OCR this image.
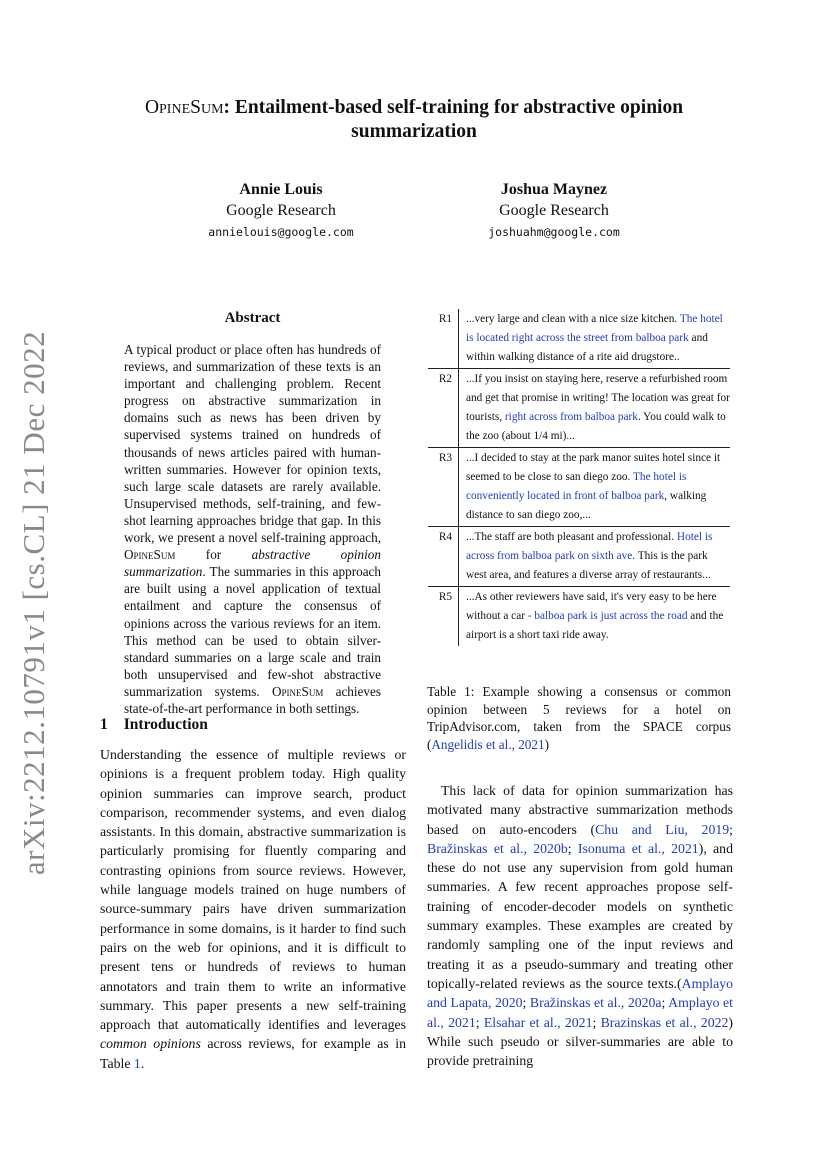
OpineSum: Entailment-based self-training for abstractive opinion
summarization
Annie Louis
Google Research
annielouis@google.com
Joshua Maynez
Google Research
joshuahm@google.com
arXiv:2212.10791v1 [cs.CL] 21 Dec 2022
Abstract
A typical product or place often has hundreds of reviews, and summarization of these texts is an important and challenging problem. Recent progress on abstractive summarization in domains such as news has been driven by supervised systems trained on hundreds of thousands of news articles paired with human-written summaries. However for opinion texts, such large scale datasets are rarely available. Unsupervised methods, self-training, and few-shot learning approaches bridge that gap. In this work, we present a novel self-training approach, OpineSum for abstractive opinion summarization. The summaries in this approach are built using a novel application of textual entailment and capture the consensus of opinions across the various reviews for an item. This method can be used to obtain silver-standard summaries on a large scale and train both unsupervised and few-shot abstractive summarization systems. OpineSum achieves state-of-the-art performance in both settings.
1 Introduction
Understanding the essence of multiple reviews or opinions is a frequent problem today. High quality opinion summaries can improve search, product comparison, recommender systems, and even dialog assistants. In this domain, abstractive summarization is particularly promising for fluently comparing and contrasting opinions from source reviews. However, while language models trained on huge numbers of source-summary pairs have driven summarization performance in some domains, is it harder to find such pairs on the web for opinions, and it is difficult to present tens or hundreds of reviews to human annotators and train them to write an informative summary. This paper presents a new self-training approach that automatically identifies and leverages common opinions across reviews, for example as in Table 1.
R1	...very large and clean with a nice size kitchen. The hotel is located right across the street from balboa park and within walking distance of a rite aid drugstore..
R2	...If you insist on staying here, reserve a refurbished room and get that promise in writing! The location was great for tourists, right across from balboa park. You could walk to the zoo (about 1/4 mi)...
R3	...I decided to stay at the park manor suites hotel since it seemed to be close to san diego zoo. The hotel is conveniently located in front of balboa park, walking distance to san diego zoo,...
R4	...The staff are both pleasant and professional. Hotel is across from balboa park on sixth ave. This is the park west area, and features a diverse array of restaurants...
R5	...As other reviewers have said, it's very easy to be here without a car - balboa park is just across the road and the airport is a short taxi ride away.
Table 1: Example showing a consensus or common opinion between 5 reviews for a hotel on TripAdvisor.com, taken from the SPACE corpus (Angelidis et al., 2021)
This lack of data for opinion summarization has motivated many abstractive summarization methods based on auto-encoders (Chu and Liu, 2019; Bražinskas et al., 2020b; Isonuma et al., 2021), and these do not use any supervision from gold human summaries. A few recent approaches propose self-training of encoder-decoder models on synthetic summary examples. These examples are created by randomly sampling one of the input reviews and treating it as a pseudo-summary and treating other topically-related reviews as the source texts.(Amplayo and Lapata, 2020; Bražinskas et al., 2020a; Amplayo et al., 2021; Elsahar et al., 2021; Brazinskas et al., 2022) While such pseudo or silver-summaries are able to provide pretraining
